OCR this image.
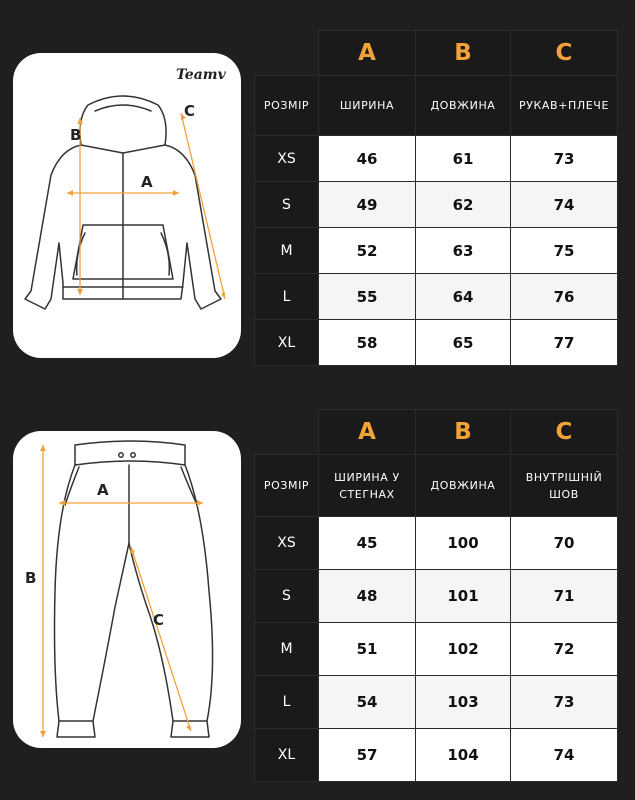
Teamv
A
B
C
	A	B	C
РОЗМІР	ШИРИНА	ДОВЖИНА	РУКАВ+ПЛЕЧЕ
XS	46	61	73
S	49	62	74
M	52	63	75
L	55	64	76
XL	58	65	77
A
B
C
	A	B	C
РОЗМІР	ШИРИНА У СТЕГНАХ	ДОВЖИНА	ВНУТРІШНІЙ ШОВ
XS	45	100	70
S	48	101	71
M	51	102	72
L	54	103	73
XL	57	104	74
